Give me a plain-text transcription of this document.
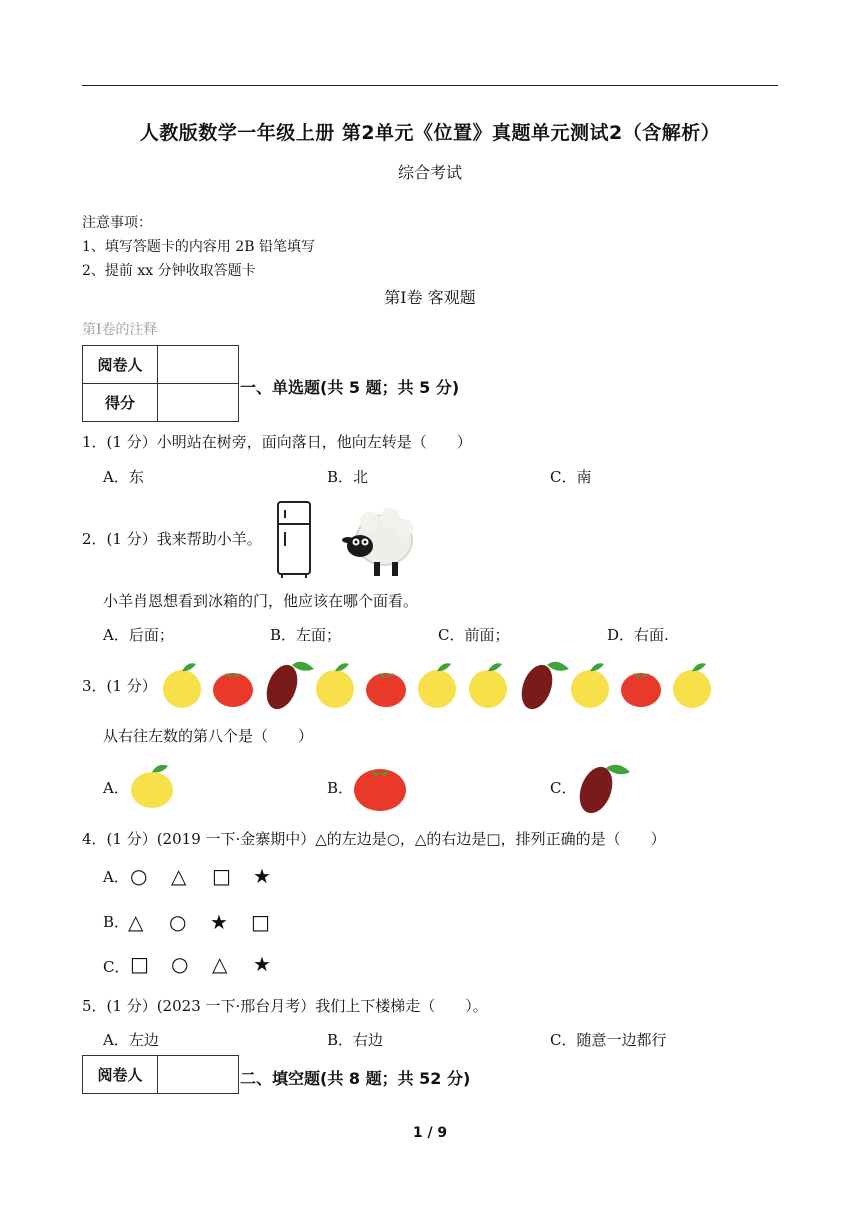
人教版数学一年级上册 第2单元《位置》真题单元测试2（含解析）
综合考试
注意事项：
1、填写答题卡的内容用 2B 铅笔填写
2、提前 xx 分钟收取答题卡
第Ⅰ卷 客观题
第Ⅰ卷的注释
阅卷人	
得分	
一、单选题(共 5 题；共 5 分)
1．(1 分）小明站在树旁，面向落日，他向左转是（　　）
A．东	B．北	C．南
2．(1 分）我来帮助小羊。
小羊肖恩想看到冰箱的门，他应该在哪个面看。
A．后面；	B．左面；	C．前面；	D．右面.
3．(1 分）
从右往左数的第八个是（　　）
A．	B．	C．
4．(1 分）(2019 一下·金寨期中）△的左边是○，△的右边是□，排列正确的是（　　）
A． ○ △ □ ★
B．
△ ○ ★ □
C． □ ○ △ ★
5．(1 分）(2023 一下·邢台月考）我们上下楼梯走（　　）。
A．左边	B．右边	C．随意一边都行
阅卷人		二、填空题(共 8 题；共 52 分)
1 / 9
